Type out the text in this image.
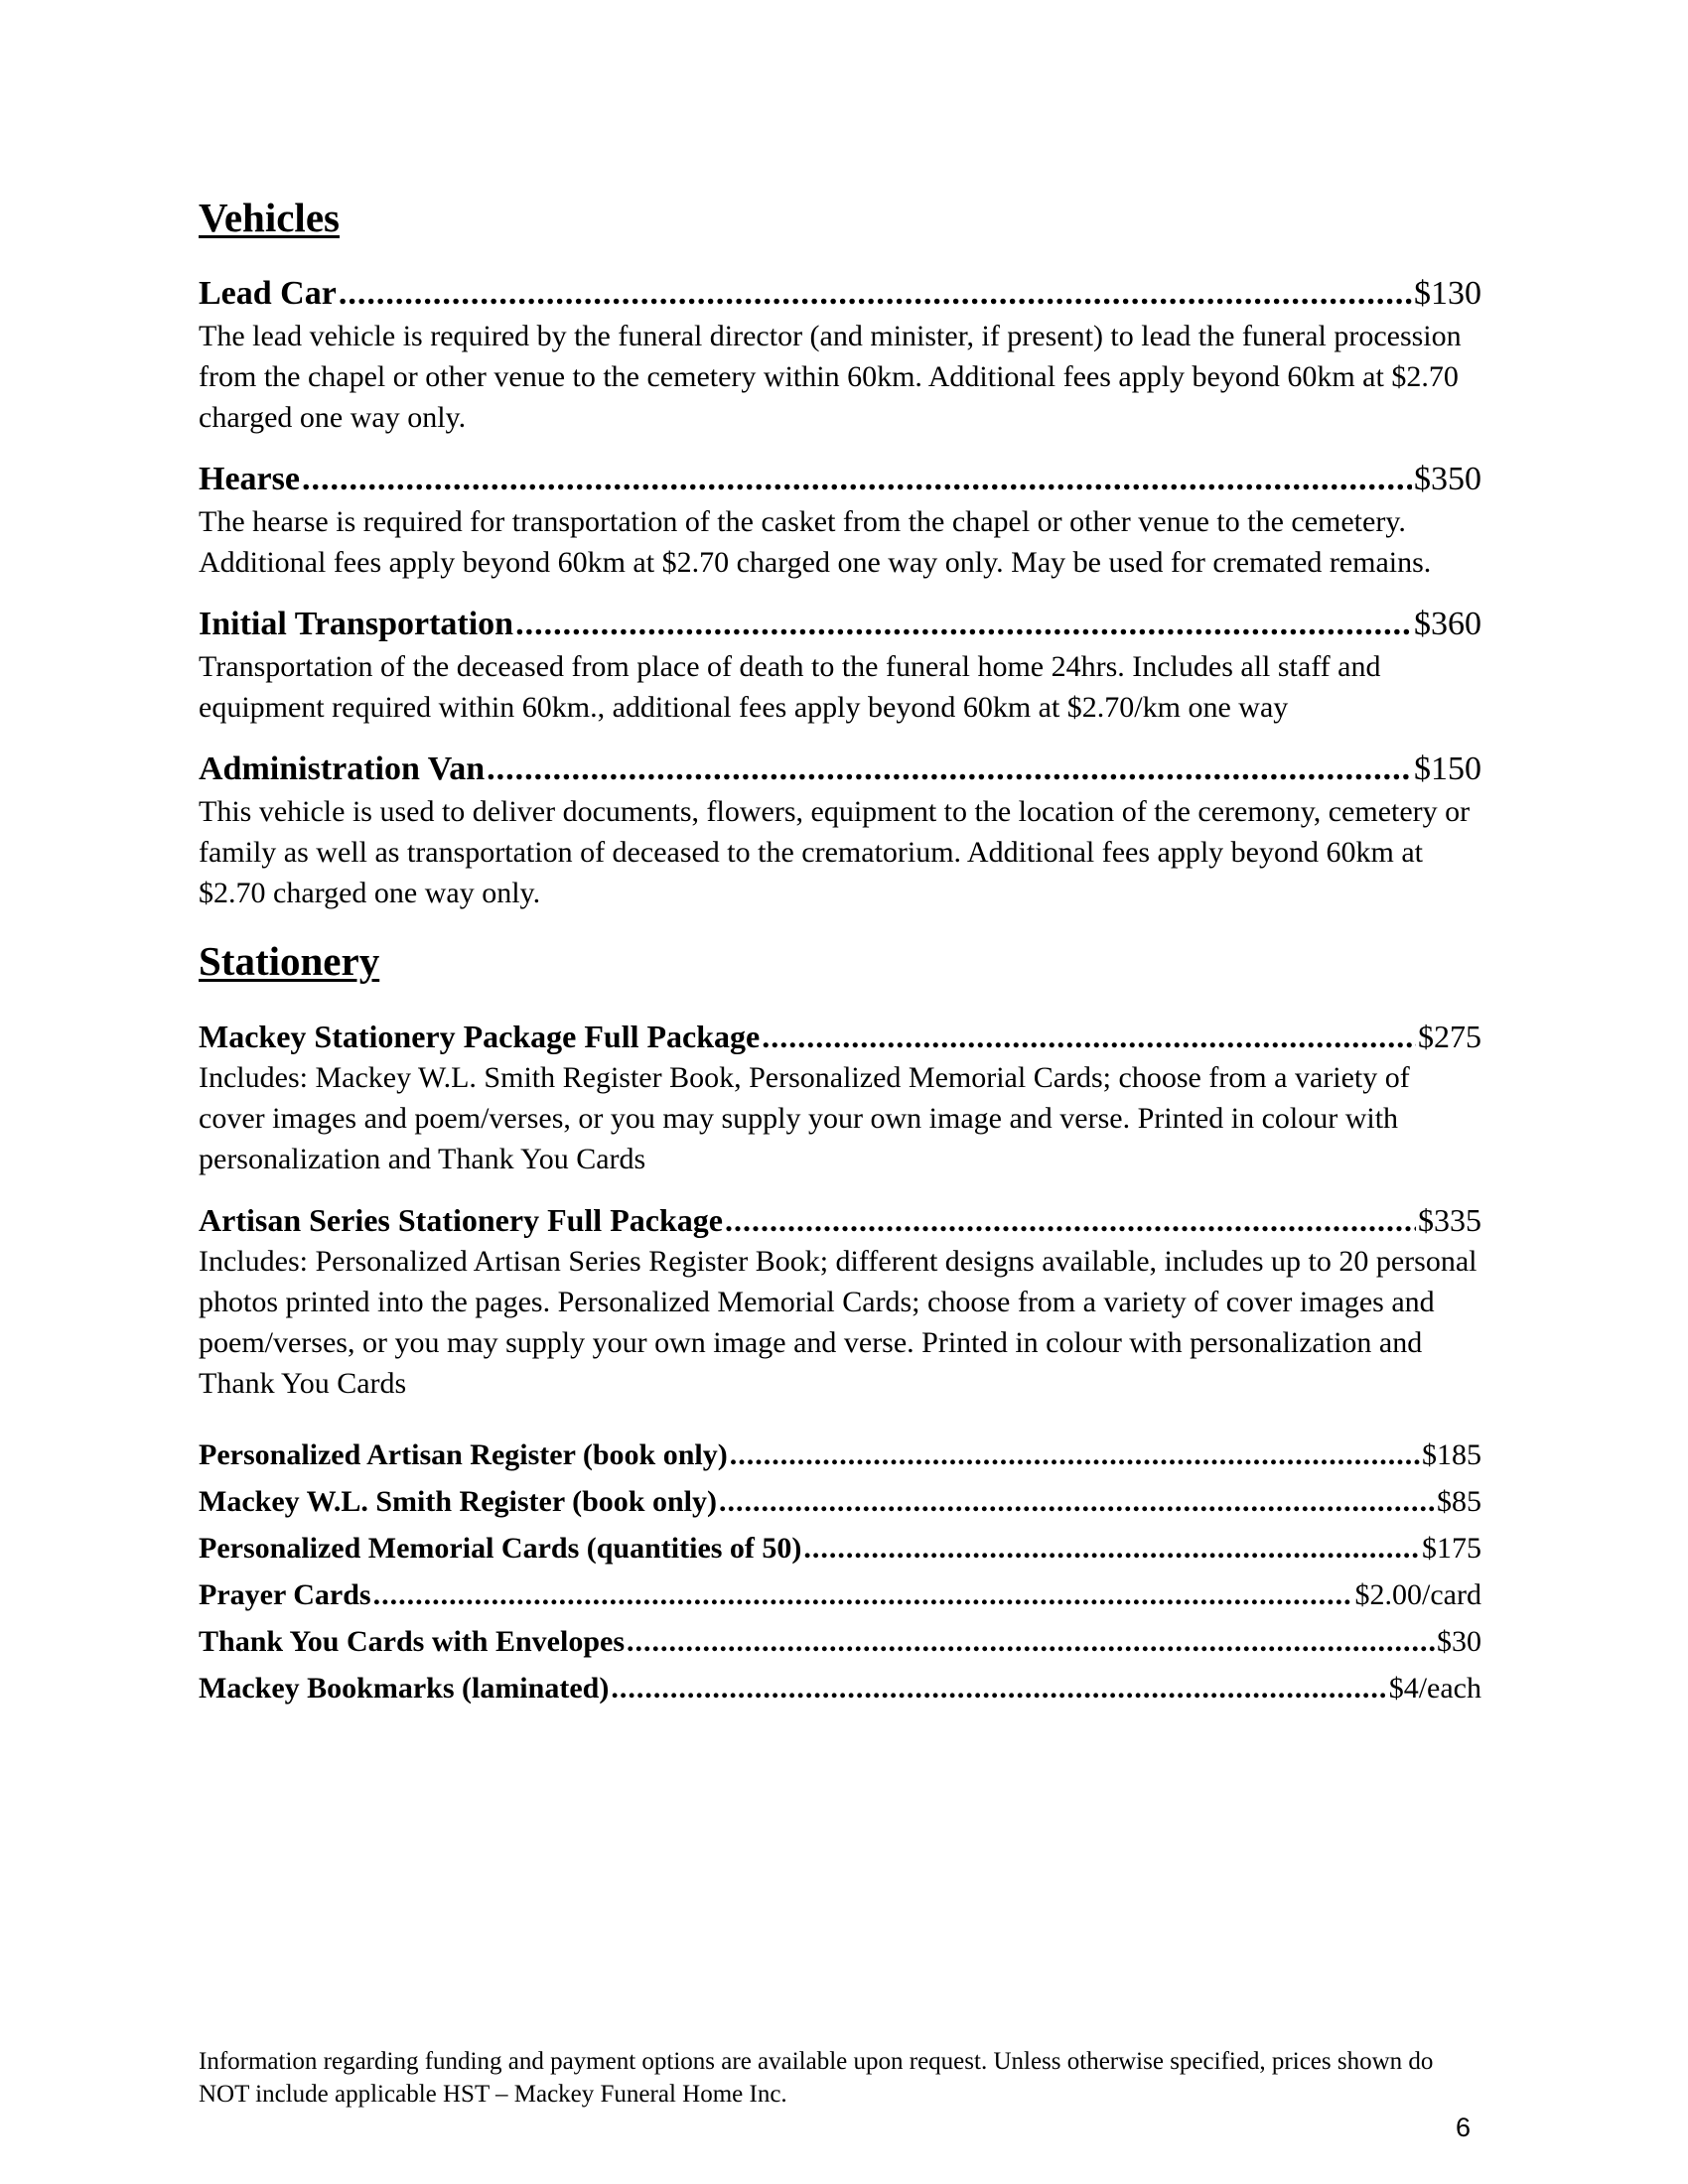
Vehicles
Lead Car .....	$130

The lead vehicle is required by the funeral director (and minister, if present) to lead the funeral procession from the chapel or other venue to the cemetery within 60km. Additional fees apply beyond 60km at $2.70 charged one way only.

Hearse .....	$350

The hearse is required for transportation of the casket from the chapel or other venue to the cemetery. Additional fees apply beyond 60km at $2.70 charged one way only. May be used for cremated remains.

Initial Transportation .....	$360

Transportation of the deceased from place of death to the funeral home 24hrs. Includes all staff and equipment required within 60km., additional fees apply beyond 60km at $2.70/km one way

Administration Van .....	$150

This vehicle is used to deliver documents, flowers, equipment to the location of the ceremony, cemetery or family as well as transportation of deceased to the crematorium. Additional fees apply beyond 60km at $2.70 charged one way only.

Stationery
Mackey Stationery Package Full Package .....	$275

Includes: Mackey W.L. Smith Register Book, Personalized Memorial Cards; choose from a variety of cover images and poem/verses, or you may supply your own image and verse. Printed in colour with personalization and Thank You Cards

Artisan Series Stationery Full Package .....	$335

Includes: Personalized Artisan Series Register Book; different designs available, includes up to 20 personal photos printed into the pages. Personalized Memorial Cards; choose from a variety of cover images and poem/verses, or you may supply your own image and verse. Printed in colour with personalization and Thank You Cards

Personalized Artisan Register (book only) .....	$185
Mackey W.L. Smith Register (book only) .....	$85
Personalized Memorial Cards (quantities of 50) .....	$175
Prayer Cards .....	$2.00/card
Thank You Cards with Envelopes .....	$30
Mackey Bookmarks (laminated) .....	$4/each
Information regarding funding and payment options are available upon request. Unless otherwise specified, prices shown do NOT include applicable HST – Mackey Funeral Home Inc.
6
